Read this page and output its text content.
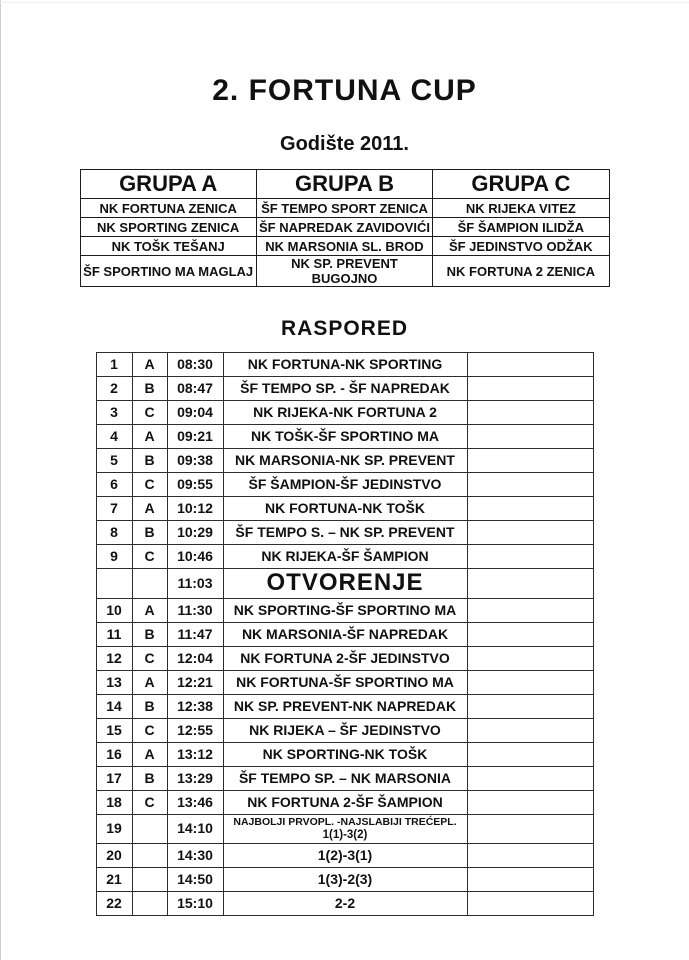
2. FORTUNA CUP
Godište 2011.
GRUPA A	GRUPA B	GRUPA C
NK FORTUNA ZENICA	ŠF TEMPO SPORT ZENICA	NK RIJEKA VITEZ
NK SPORTING ZENICA	ŠF NAPREDAK ZAVIDOVIĆI	ŠF ŠAMPION ILIDŽA
NK TOŠK TEŠANJ	NK MARSONIA SL. BROD	ŠF JEDINSTVO ODŽAK
ŠF SPORTINO MA MAGLAJ	NK SP. PREVENT BUGOJNO	NK FORTUNA 2 ZENICA
RASPORED
1	A	08:30	NK FORTUNA-NK SPORTING	
2	B	08:47	ŠF TEMPO SP. - ŠF NAPREDAK	
3	C	09:04	NK RIJEKA-NK FORTUNA 2	
4	A	09:21	NK TOŠK-ŠF SPORTINO MA	
5	B	09:38	NK MARSONIA-NK SP. PREVENT	
6	C	09:55	ŠF ŠAMPION-ŠF JEDINSTVO	
7	A	10:12	NK FORTUNA-NK TOŠK	
8	B	10:29	ŠF TEMPO S. – NK SP. PREVENT	
9	C	10:46	NK RIJEKA-ŠF ŠAMPION	
		11:03	OTVORENJE	
10	A	11:30	NK SPORTING-ŠF SPORTINO MA	
11	B	11:47	NK MARSONIA-ŠF NAPREDAK	
12	C	12:04	NK FORTUNA 2-ŠF JEDINSTVO	
13	A	12:21	NK FORTUNA-ŠF SPORTINO MA	
14	B	12:38	NK SP. PREVENT-NK NAPREDAK	
15	C	12:55	NK RIJEKA – ŠF JEDINSTVO	
16	A	13:12	NK SPORTING-NK TOŠK	
17	B	13:29	ŠF TEMPO SP. – NK MARSONIA	
18	C	13:46	NK FORTUNA 2-ŠF ŠAMPION	
19		14:10	NAJBOLJI PRVOPL. -NAJSLABIJI TREĆEPL.
1(1)-3(2)	

20		14:30	1(2)-3(1)	
21		14:50	1(3)-2(3)	
22		15:10	2-2	
